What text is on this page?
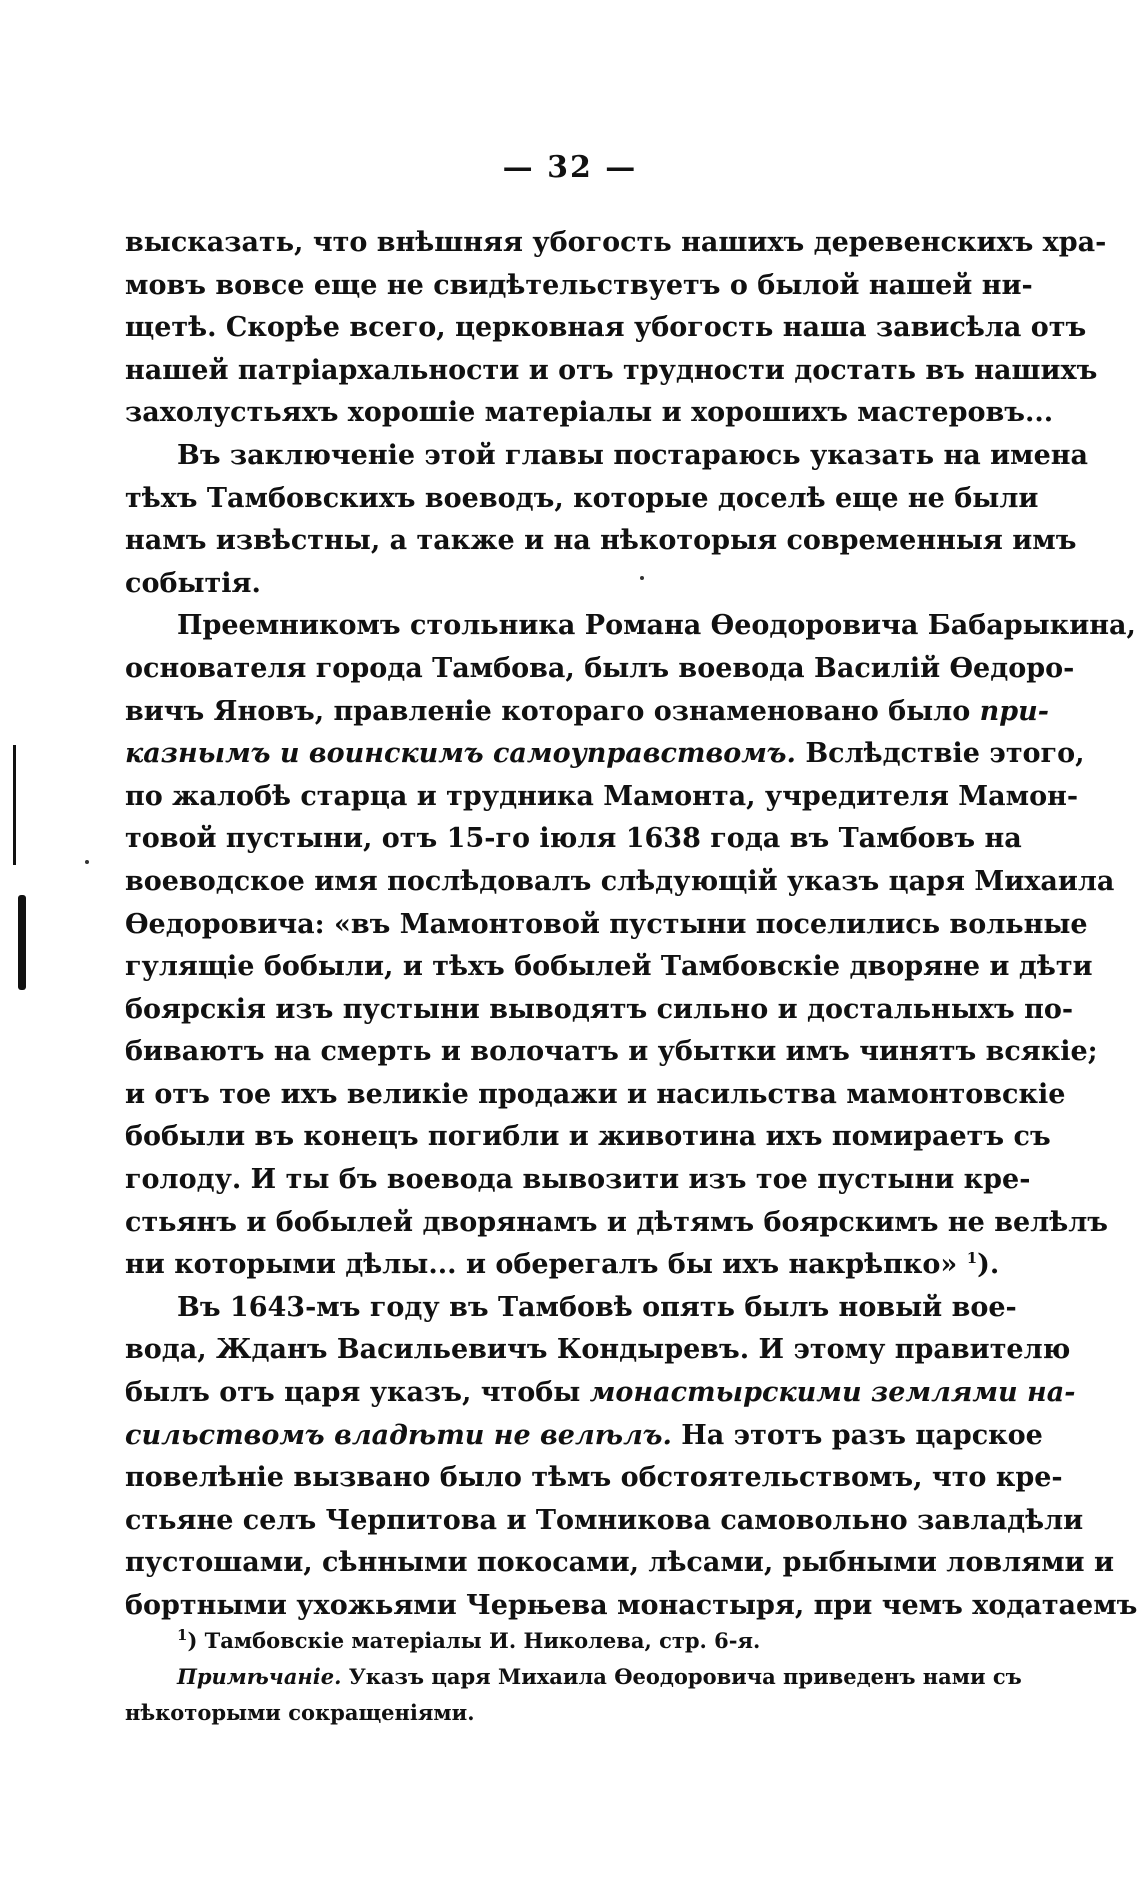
— 32 —
высказать, что внѣшняя убогость нашихъ деревенскихъ хра-
мовъ вовсе еще не свидѣтельствуетъ о былой нашей ни-
щетѣ. Скорѣе всего, церковная убогость наша зависѣла отъ
нашей патріархальности и отъ трудности достать въ нашихъ
захолустьяхъ хорошіе матеріалы и хорошихъ мастеровъ...
Въ заключеніе этой главы постараюсь указать на имена
тѣхъ Тамбовскихъ воеводъ, которые доселѣ еще не были
намъ извѣстны, а также и на нѣкоторыя современныя имъ
событія.
Преемникомъ стольника Романа Ѳеодоровича Бабарыкина,
основателя города Тамбова, былъ воевода Василій Ѳедоро-
вичъ Яновъ, правленіе котораго ознаменовано было при-
казнымъ и воинскимъ самоуправствомъ. Вслѣдствіе этого,
по жалобѣ старца и трудника Мамонта, учредителя Мамон-
товой пустыни, отъ 15-го іюля 1638 года въ Тамбовъ на
воеводское имя послѣдовалъ слѣдующій указъ царя Михаила
Ѳедоровича: «въ Мамонтовой пустыни поселились вольные
гулящіе бобыли, и тѣхъ бобылей Тамбовскіе дворяне и дѣти
боярскія изъ пустыни выводятъ сильно и достальныхъ по-
биваютъ на смерть и волочатъ и убытки имъ чинятъ всякіе;
и отъ тое ихъ великіе продажи и насильства мамонтовскіе
бобыли въ конецъ погибли и животина ихъ помираетъ съ
голоду. И ты бъ воевода вывозити изъ тое пустыни кре-
стьянъ и бобылей дворянамъ и дѣтямъ боярскимъ не велѣлъ
ни которыми дѣлы... и оберегалъ бы ихъ накрѣпко» $^1$).
Въ 1643-мъ году въ Тамбовѣ опять былъ новый вое-
вода, Жданъ Васильевичъ Кондыревъ. И этому правителю
былъ отъ царя указъ, чтобы монастырскими землями на-
сильствомъ владѣти не велѣлъ. На этотъ разъ царское
повелѣніе вызвано было тѣмъ обстоятельствомъ, что кре-
стьяне селъ Черпитова и Томникова самовольно завладѣли
пустошами, сѣнными покосами, лѣсами, рыбными ловлями и
бортными ухожьями Черњева монастыря, при чемъ ходатаемъ
$^1$) Тамбовскіе матеріалы И. Николева, стр. 6-я.
Примѣчаніе. Указъ царя Михаила Ѳеодоровича приведенъ нами съ
нѣкоторыми сокращеніями.
